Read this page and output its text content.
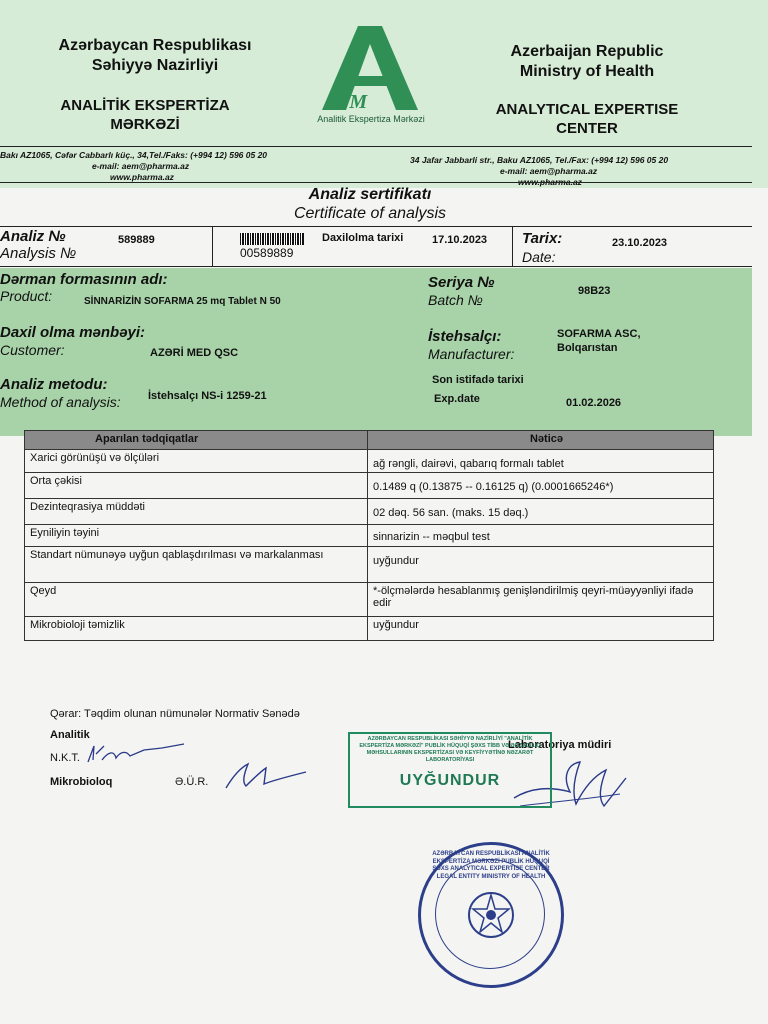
Azərbaycan Respublikası
Səhiyyə Nazirliyi
ANALİTİK EKSPERTİZA
MƏRKƏZİ
EM
Analitik Ekspertiza Mərkəzi
Azerbaijan Republic
Ministry of Health
ANALYTICAL EXPERTISE
CENTER
Bakı AZ1065, Cəfər Cabbarlı küç., 34,Tel./Faks: (+994 12) 596 05 20
e-mail: aem@pharma.az
www.pharma.az
34 Jafar Jabbarli str., Baku AZ1065, Tel./Fax: (+994 12) 596 05 20
e-mail: aem@pharma.az
www.pharma.az
Analiz sertifikatı
Certificate of analysis
Analiz №
Analysis №
589889
00589889
Daxilolma tarixi	17.10.2023 Tarix:
Date:
23.10.2023
Dərman formasının adı:
Product:	SİNNARİZİN SOFARMA 25 mq Tablet N 50
Seriya №
Batch №
98B23
Daxil olma mənbəyi:
Customer:	AZƏRİ MED QSC
İstehsalçı:
Manufacturer:
SOFARMA ASC,
Bolqarıstan
Analiz metodu:
Method of analysis: İstehsalçı NS-i 1259-21
Son istifadə tarixi
Exp.date	01.02.2026
Aparılan tədqiqatlar	Nəticə
Xarici görünüşü və ölçüləri	ağ rəngli, dairəvi, qabarıq formalı tablet
Orta çəkisi	0.1489 q (0.13875 -- 0.16125 q) (0.0001665246*)
Dezinteqrasiya müddəti	02 dəq. 56 san. (maks. 15 dəq.)
Eyniliyin təyini	sinnarizin -- məqbul test
Standart nümunəyə uyğun qablaşdırılması və markalanması	uyğundur
Qeyd	*-ölçmələrdə hesablanmış genişləndirilmiş qeyri-müəyyənliyi ifadə edir
Mikrobioloji təmizlik	uyğundur
Qərar: Təqdim olunan nümunələr Normativ Sənədə
Analitik
N.K.T.
Mikrobioloq	Ə.Ü.R.
Laboratoriya müdiri
AZƏRBAYCAN RESPUBLİKASI SƏHİYYƏ NAZİRLİYİ "ANALİTİK EKSPERTİZA MƏRKƏZİ" PUBLİK HÜQUQİ ŞƏXS TİBB VƏ ƏCZAÇILIQ MƏHSULLARININ EKSPERTİZASI VƏ KEYFİYYƏTİNƏ NƏZARƏT LABORATORİYASI
UYĞUNDUR
AZƏRBAYCAN RESPUBLİKASI ANALİTİK EKSPERTİZA MƏRKƏZİ PUBLİK HÜQUQİ ŞƏXS ANALYTICAL EXPERTISE CENTER LEGAL ENTITY MINISTRY OF HEALTH
